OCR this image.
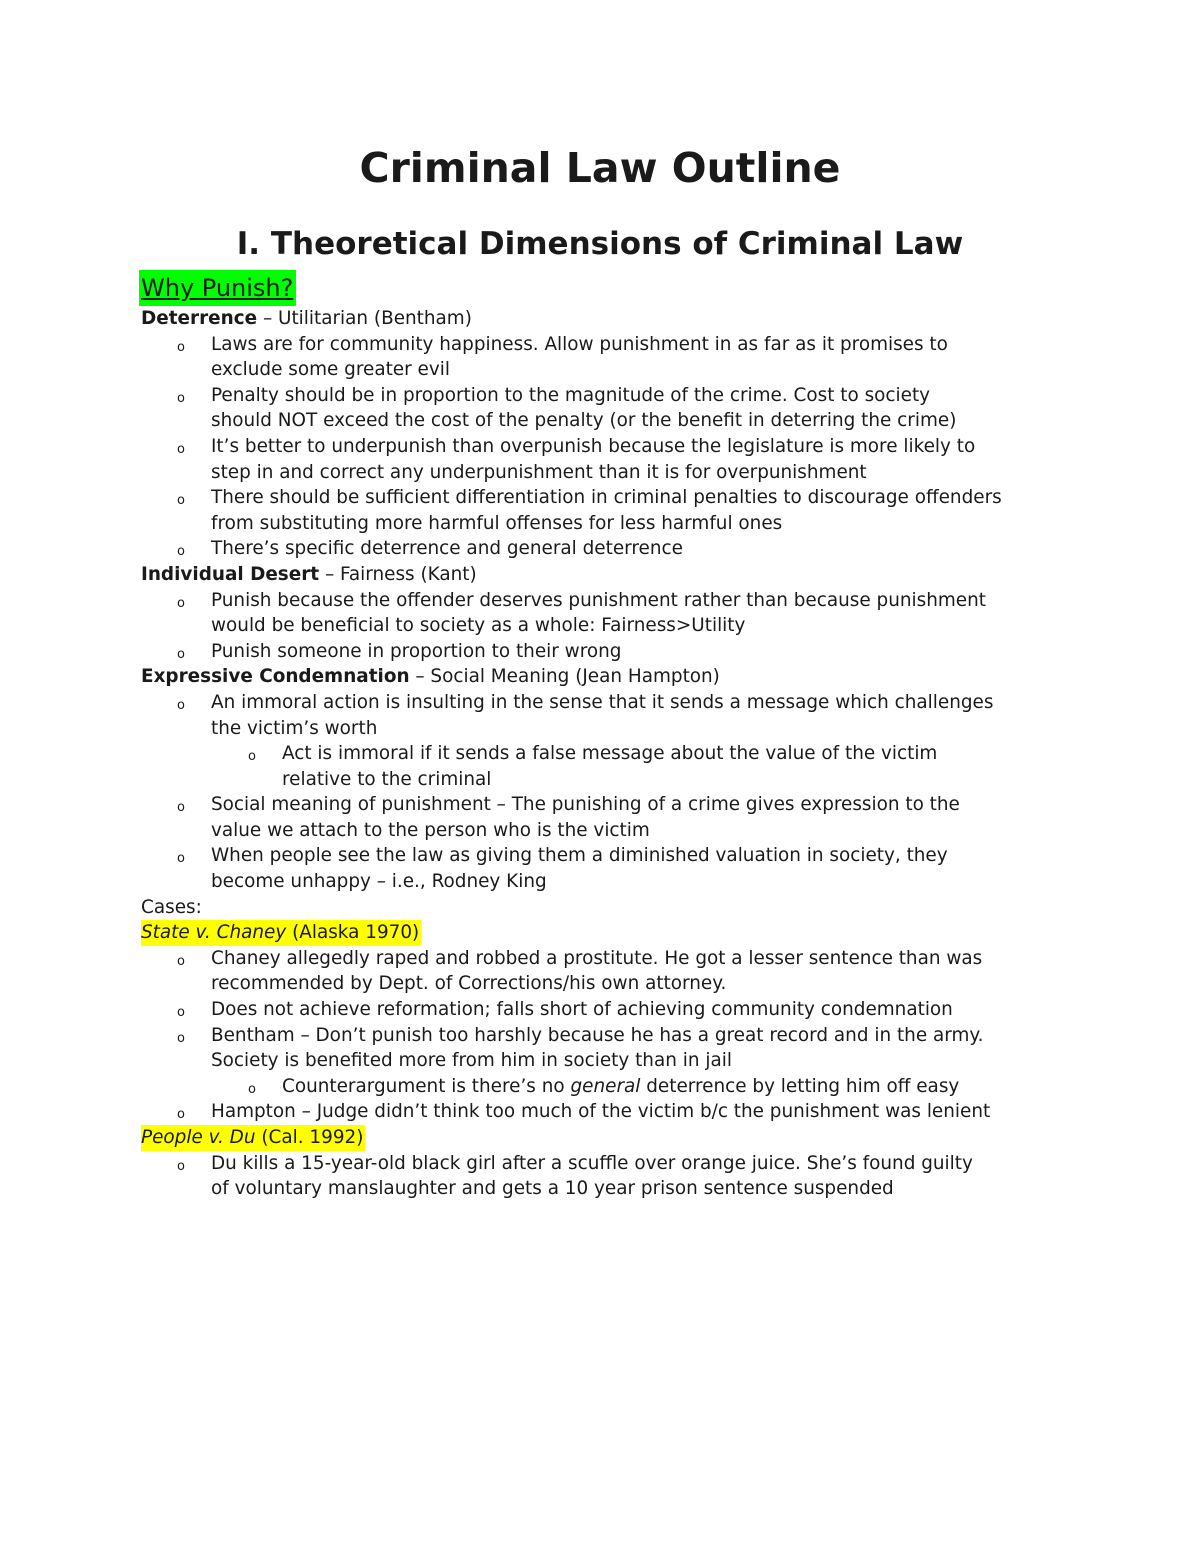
Criminal Law Outline
I. Theoretical Dimensions of Criminal Law
Why Punish?
Deterrence – Utilitarian (Bentham)
o Laws are for community happiness. Allow punishment in as far as it promises to
exclude some greater evil
o Penalty should be in proportion to the magnitude of the crime. Cost to society
should NOT exceed the cost of the penalty (or the benefit in deterring the crime)
o It’s better to underpunish than overpunish because the legislature is more likely to
step in and correct any underpunishment than it is for overpunishment
o There should be sufficient differentiation in criminal penalties to discourage offenders
from substituting more harmful offenses for less harmful ones
o There’s specific deterrence and general deterrence
Individual Desert – Fairness (Kant)
o Punish because the offender deserves punishment rather than because punishment
would be beneficial to society as a whole: Fairness>Utility
o Punish someone in proportion to their wrong
Expressive Condemnation – Social Meaning (Jean Hampton)
o An immoral action is insulting in the sense that it sends a message which challenges
the victim’s worth
o Act is immoral if it sends a false message about the value of the victim
relative to the criminal
o Social meaning of punishment – The punishing of a crime gives expression to the
value we attach to the person who is the victim
o When people see the law as giving them a diminished valuation in society, they
become unhappy – i.e., Rodney King
Cases:
State v. Chaney (Alaska 1970)
o Chaney allegedly raped and robbed a prostitute. He got a lesser sentence than was
recommended by Dept. of Corrections/his own attorney.
o Does not achieve reformation; falls short of achieving community condemnation
o Bentham – Don’t punish too harshly because he has a great record and in the army.
Society is benefited more from him in society than in jail
o Counterargument is there’s no general deterrence by letting him off easy
o Hampton – Judge didn’t think too much of the victim b/c the punishment was lenient
People v. Du (Cal. 1992)
o Du kills a 15-year-old black girl after a scuffle over orange juice. She’s found guilty
of voluntary manslaughter and gets a 10 year prison sentence suspended
